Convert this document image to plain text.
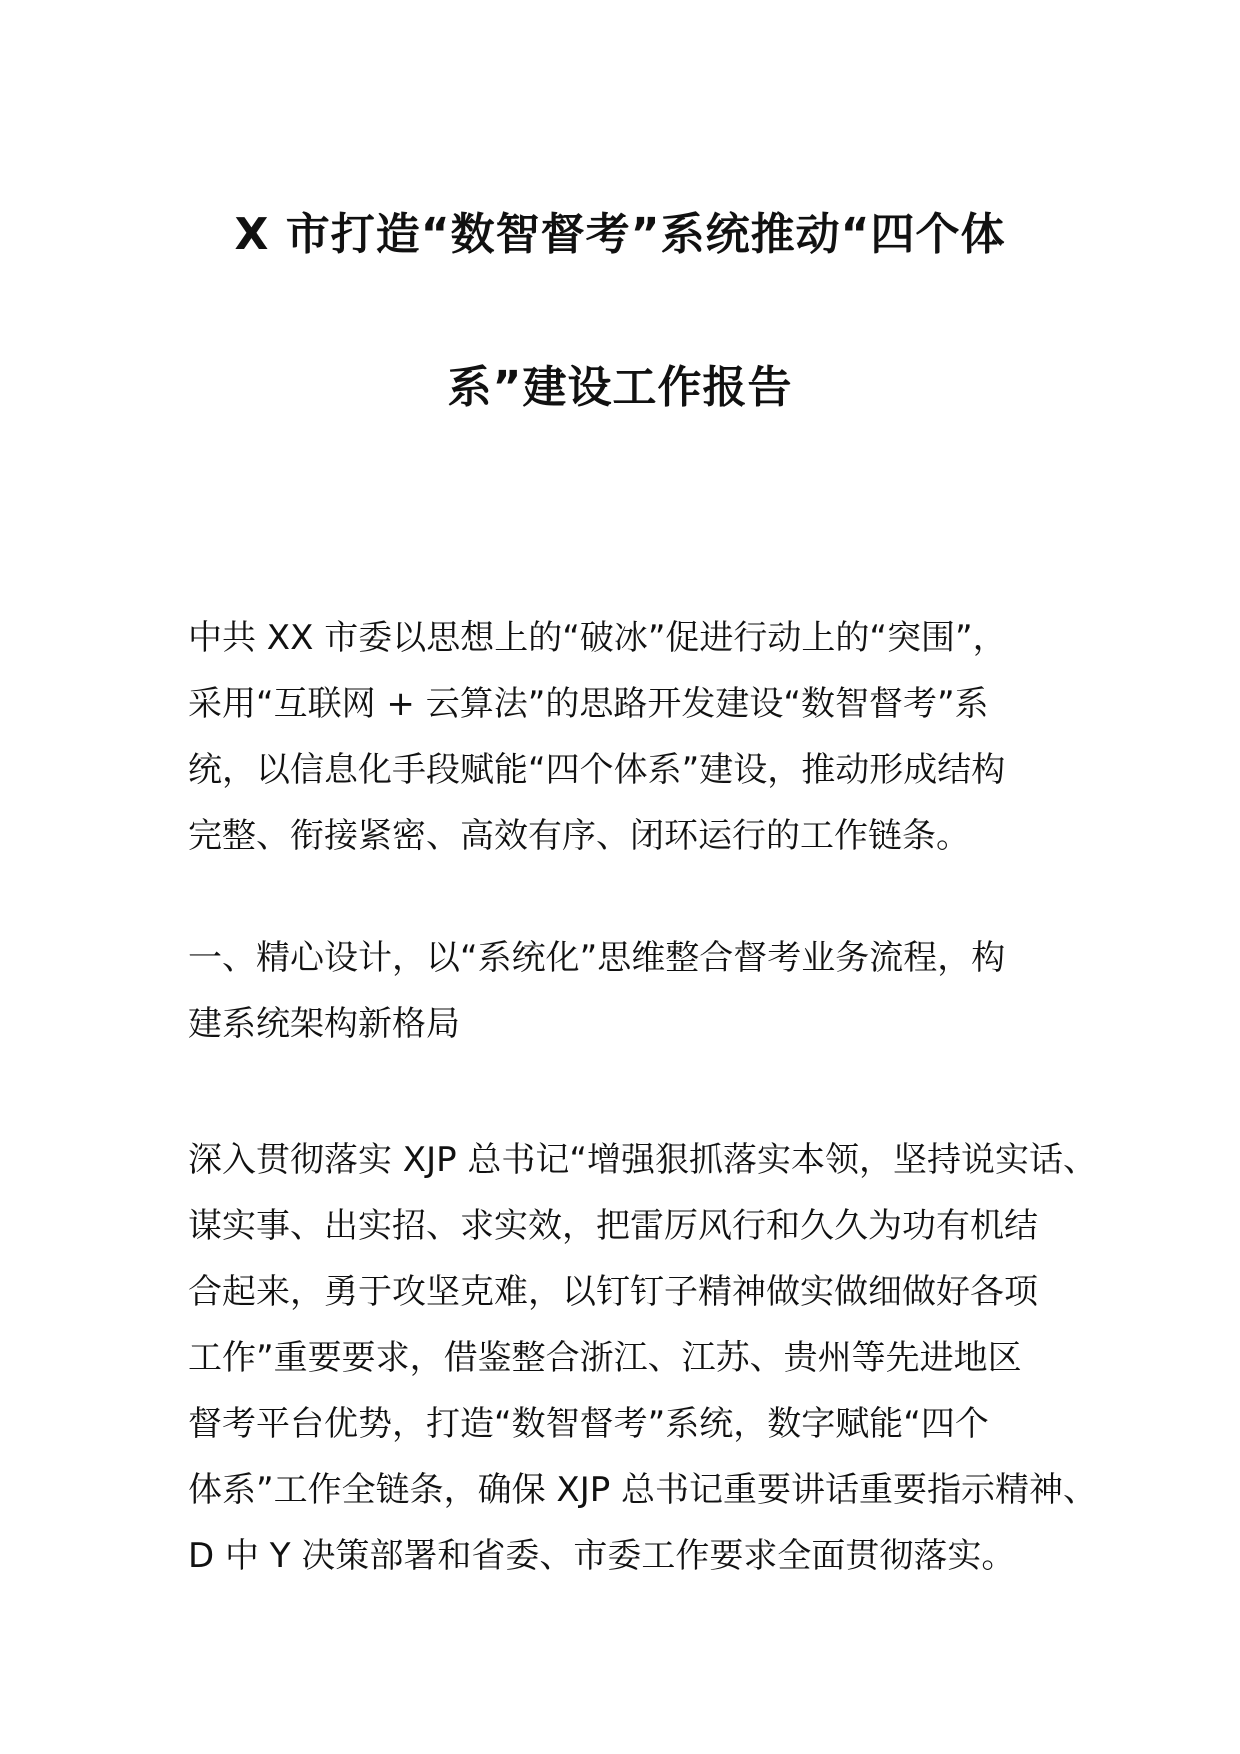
X 市打造“数智督考”系统推动“四个体
系”建设工作报告
中共 XX 市委以思想上的“破冰”促进行动上的“突围”，
采用“互联网 + 云算法”的思路开发建设“数智督考”系
统，以信息化手段赋能“四个体系”建设，推动形成结构
完整、衔接紧密、高效有序、闭环运行的工作链条。
一、精心设计，以“系统化”思维整合督考业务流程，构
建系统架构新格局
深入贯彻落实 XJP 总书记“增强狠抓落实本领，坚持说实话、
谋实事、出实招、求实效，把雷厉风行和久久为功有机结
合起来，勇于攻坚克难，以钉钉子精神做实做细做好各项
工作”重要要求，借鉴整合浙江、江苏、贵州等先进地区
督考平台优势，打造“数智督考”系统，数字赋能“四个
体系”工作全链条，确保 XJP 总书记重要讲话重要指示精神、
D 中 Y 决策部署和省委、市委工作要求全面贯彻落实。
